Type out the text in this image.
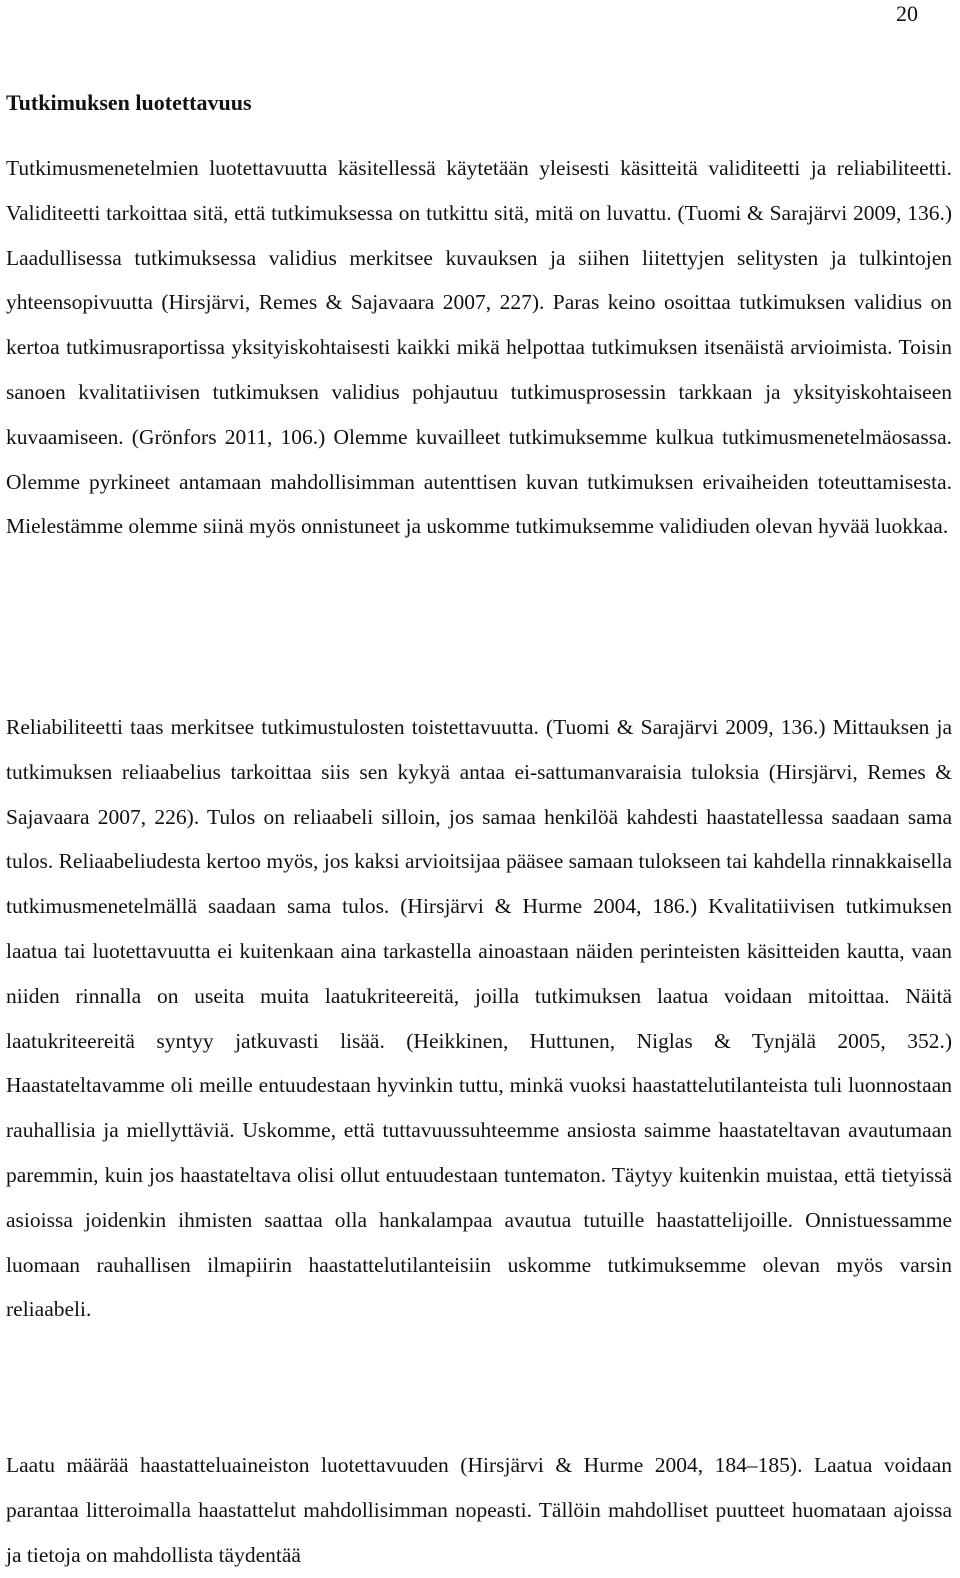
20
Tutkimuksen luotettavuus

Tutkimusmenetelmien luotettavuutta käsitellessä käytetään yleisesti käsitteitä validiteetti ja reliabiliteetti. Validiteetti tarkoittaa sitä, että tutkimuksessa on tutkittu sitä, mitä on luvattu. (Tuomi & Sarajärvi 2009, 136.) Laadullisessa tutkimuksessa validius merkitsee kuvauksen ja siihen liitettyjen selitysten ja tulkintojen yhteensopivuutta (Hirsjärvi, Remes & Sajavaara 2007, 227). Paras keino osoittaa tutkimuksen validius on kertoa tutkimusraportissa yksityiskohtaisesti kaikki mikä helpottaa tutkimuksen itsenäistä arvioimista. Toisin sanoen kvalitatiivisen tutkimuksen validius pohjautuu tutkimusprosessin tarkkaan ja yksityiskohtaiseen kuvaamiseen. (Grönfors 2011, 106.) Olemme kuvailleet tutkimuksemme kulkua tutkimusmenetelmäosassa. Olemme pyrkineet antamaan mahdollisimman autenttisen kuvan tutkimuksen erivaiheiden toteuttamisesta. Mielestämme olemme siinä myös onnistuneet ja uskomme tutkimuksemme validiuden olevan hyvää luokkaa.

Reliabiliteetti taas merkitsee tutkimustulosten toistettavuutta. (Tuomi & Sarajärvi 2009, 136.) Mittauksen ja tutkimuksen reliaabelius tarkoittaa siis sen kykyä antaa ei-sattumanvaraisia tuloksia (Hirsjärvi, Remes & Sajavaara 2007, 226). Tulos on reliaabeli silloin, jos samaa henkilöä kahdesti haastatellessa saadaan sama tulos. Reliaabeliudesta kertoo myös, jos kaksi arvioitsijaa pääsee samaan tulokseen tai kahdella rinnakkaisella tutkimusmenetelmällä saadaan sama tulos. (Hirsjärvi & Hurme 2004, 186.) Kvalitatiivisen tutkimuksen laatua tai luotettavuutta ei kuitenkaan aina tarkastella ainoastaan näiden perinteisten käsitteiden kautta, vaan niiden rinnalla on useita muita laatukriteereitä, joilla tutkimuksen laatua voidaan mitoittaa. Näitä laatukriteereitä syntyy jatkuvasti lisää. (Heikkinen, Huttunen, Niglas & Tynjälä 2005, 352.) Haastateltavamme oli meille entuudestaan hyvinkin tuttu, minkä vuoksi haastattelutilanteista tuli luonnostaan rauhallisia ja miellyttäviä. Uskomme, että tuttavuussuhteemme ansiosta saimme haastateltavan avautumaan paremmin, kuin jos haastateltava olisi ollut entuudestaan tuntematon. Täytyy kuitenkin muistaa, että tietyissä asioissa joidenkin ihmisten saattaa olla hankalampaa avautua tutuille haastattelijoille. Onnistuessamme luomaan rauhallisen ilmapiirin haastattelutilanteisiin uskomme tutkimuksemme olevan myös varsin reliaabeli.

Laatu määrää haastatteluaineiston luotettavuuden (Hirsjärvi & Hurme 2004, 184–185). Laatua voidaan parantaa litteroimalla haastattelut mahdollisimman nopeasti. Tällöin mahdolliset puutteet huomataan ajoissa ja tietoja on mahdollista täydentää
